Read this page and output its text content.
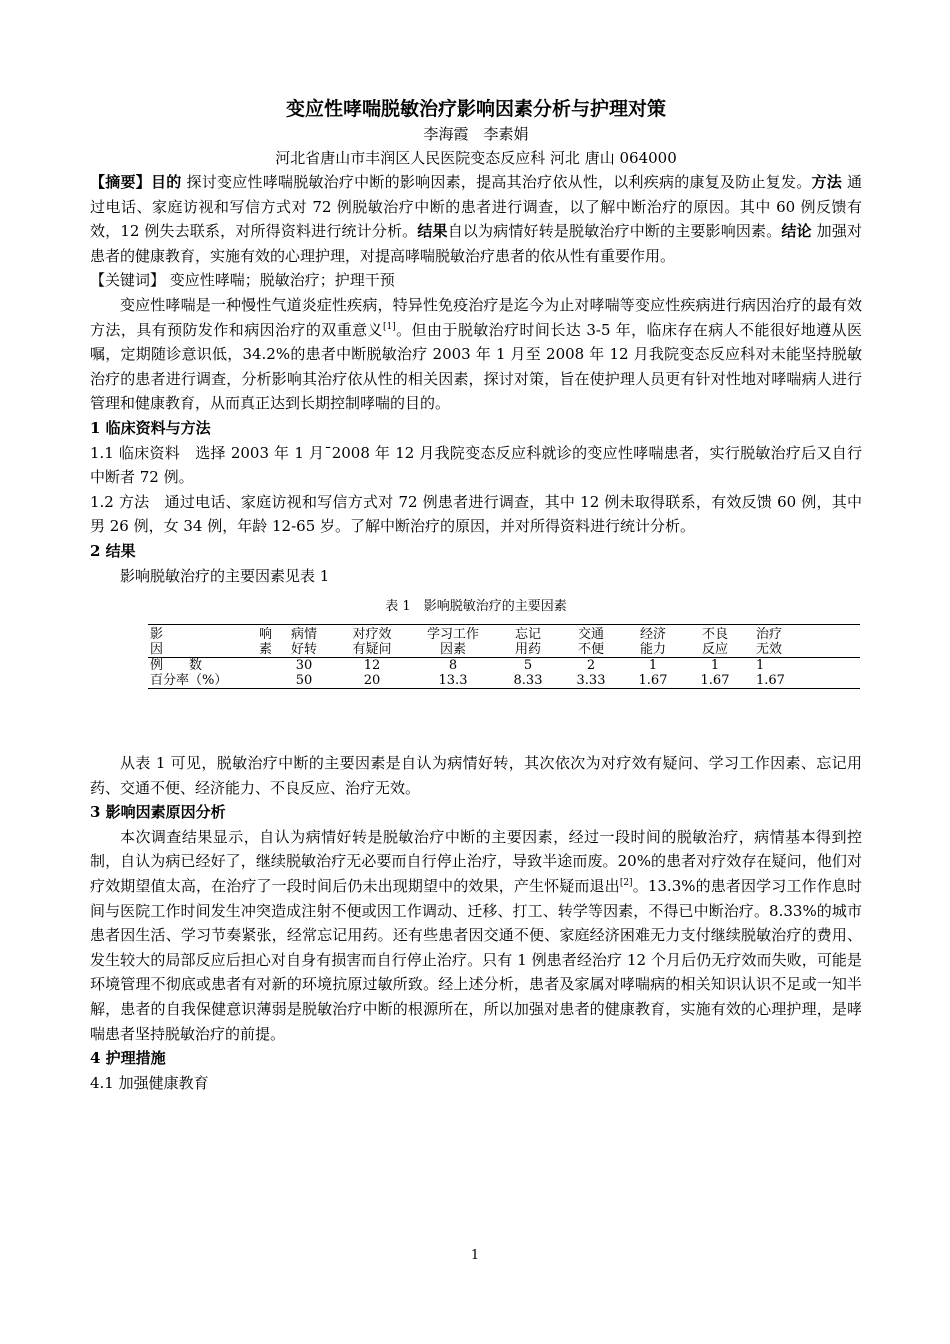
变应性哮喘脱敏治疗影响因素分析与护理对策
李海霞　李素娟
河北省唐山市丰润区人民医院变态反应科 河北 唐山 064000

【摘要】目的 探讨变应性哮喘脱敏治疗中断的影响因素，提高其治疗依从性，以利疾病的康复及防止复发。方法 通过电话、家庭访视和写信方式对 72 例脱敏治疗中断的患者进行调查，以了解中断治疗的原因。其中 60 例反馈有效，12 例失去联系，对所得资料进行统计分析。结果自以为病情好转是脱敏治疗中断的主要影响因素。结论 加强对患者的健康教育，实施有效的心理护理，对提高哮喘脱敏治疗患者的依从性有重要作用。

【关键词】 变应性哮喘；脱敏治疗；护理干预

变应性哮喘是一种慢性气道炎症性疾病，特异性免疫治疗是迄今为止对哮喘等变应性疾病进行病因治疗的最有效方法，具有预防发作和病因治疗的双重意义[1]。但由于脱敏治疗时间长达 3-5 年，临床存在病人不能很好地遵从医嘱，定期随诊意识低，34.2%的患者中断脱敏治疗 2003 年 1 月至 2008 年 12 月我院变态反应科对未能坚持脱敏治疗的患者进行调查，分析影响其治疗依从性的相关因素，探讨对策，旨在使护理人员更有针对性地对哮喘病人进行管理和健康教育，从而真正达到长期控制哮喘的目的。

1 临床资料与方法

1.1 临床资料　选择 2003 年 1 月¯2008 年 12 月我院变态反应科就诊的变应性哮喘患者，实行脱敏治疗后又自行中断者 72 例。

1.2 方法　通过电话、家庭访视和写信方式对 72 例患者进行调查，其中 12 例未取得联系，有效反馈 60 例，其中男 26 例，女 34 例，年龄 12-65 岁。了解中断治疗的原因，并对所得资料进行统计分析。

2 结果

影响脱敏治疗的主要因素见表 1

表 1　影响脱敏治疗的主要因素
影	响	病情	对疗效	学习工作	忘记	交通	经济	不良	治疗
因	素	好转	有疑问	因素	用药	不便	能力	反应	无效
例　　数		30	12	8	5	2	1	1	1
百分率（%）		50	20	13.3	8.33	3.33	1.67	1.67	1.67

从表 1 可见，脱敏治疗中断的主要因素是自认为病情好转，其次依次为对疗效有疑问、学习工作因素、忘记用药、交通不便、经济能力、不良反应、治疗无效。

3 影响因素原因分析

本次调查结果显示，自认为病情好转是脱敏治疗中断的主要因素，经过一段时间的脱敏治疗，病情基本得到控制，自认为病已经好了，继续脱敏治疗无必要而自行停止治疗，导致半途而废。20%的患者对疗效存在疑问，他们对疗效期望值太高，在治疗了一段时间后仍未出现期望中的效果，产生怀疑而退出[2]。13.3%的患者因学习工作作息时间与医院工作时间发生冲突造成注射不便或因工作调动、迁移、打工、转学等因素，不得已中断治疗。8.33%的城市患者因生活、学习节奏紧张，经常忘记用药。还有些患者因交通不便、家庭经济困难无力支付继续脱敏治疗的费用、发生较大的局部反应后担心对自身有损害而自行停止治疗。只有 1 例患者经治疗 12 个月后仍无疗效而失败，可能是环境管理不彻底或患者有对新的环境抗原过敏所致。经上述分析，患者及家属对哮喘病的相关知识认识不足或一知半解，患者的自我保健意识薄弱是脱敏治疗中断的根源所在，所以加强对患者的健康教育，实施有效的心理护理，是哮喘患者坚持脱敏治疗的前提。

4 护理措施

4.1 加强健康教育

1
